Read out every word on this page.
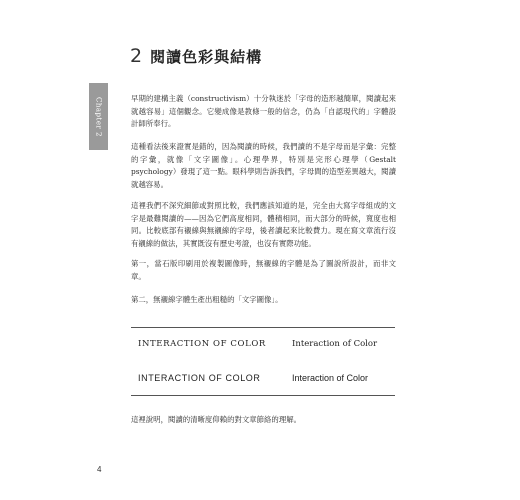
Chapter 2
2 閱讀色彩與結構

早期的建構主義（constructivism）十分執迷於「字母的造形越簡單，閱讀起來就越容易」這個觀念。它變成像是教條一般的信念，仍為「自認現代的」字體設計師所奉行。

這種看法後來證實是錯的，因為閱讀的時候，我們讀的不是字母而是字彙：完整的字彙，就像「文字圖像」。心理學界，特別是完形心理學（Gestalt psychology）發現了這一點。眼科學則告訴我們，字母間的造型差異越大，閱讀就越容易。

這裡我們不深究細節或對照比較，我們應該知道的是，完全由大寫字母組成的文字是最難閱讀的——因為它們高度相同，體積相同，而大部分的時候，寬度也相同。比較底部有襯線與無襯線的字母，後者讀起來比較費力。現在寫文章流行沒有襯線的做法，其實既沒有歷史考證，也沒有實際功能。

第一，當石版印刷用於複製圖像時，無襯線的字體是為了圖說所設計，而非文章。

第二，無襯線字體生產出粗糙的「文字圖像」。

INTERACTION OF COLOR	Interaction of Color
INTERACTION OF COLOR	Interaction of Color

這裡說明，閱讀的清晰度仰賴的對文章節絡的理解。

4
